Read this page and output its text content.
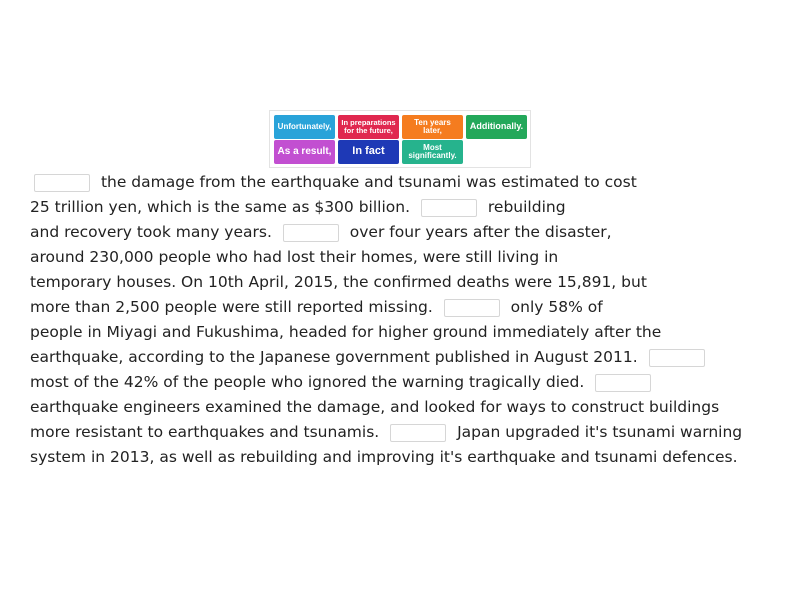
Unfortunately,	In preparations for the future,
Ten years later,	Additionally.
As a result,	In fact	Most significantly.
the damage from the earthquake and tsunami was estimated to cost
25 trillion yen, which is the same as $300 billion.	rebuilding
and recovery took many years.	over four years after the disaster,
around 230,000 people who had lost their homes, were still living in
temporary houses. On 10th April, 2015, the confirmed deaths were 15,891, but
more than 2,500 people were still reported missing.	only 58% of
people in Miyagi and Fukushima, headed for higher ground immediately after the
earthquake, according to the Japanese government published in August 2011.
most of the 42% of the people who ignored the warning tragically died.
earthquake engineers examined the damage, and looked for ways to construct buildings
more resistant to earthquakes and tsunamis.	Japan upgraded it's tsunami warning
system in 2013, as well as rebuilding and improving it's earthquake and tsunami defences.
